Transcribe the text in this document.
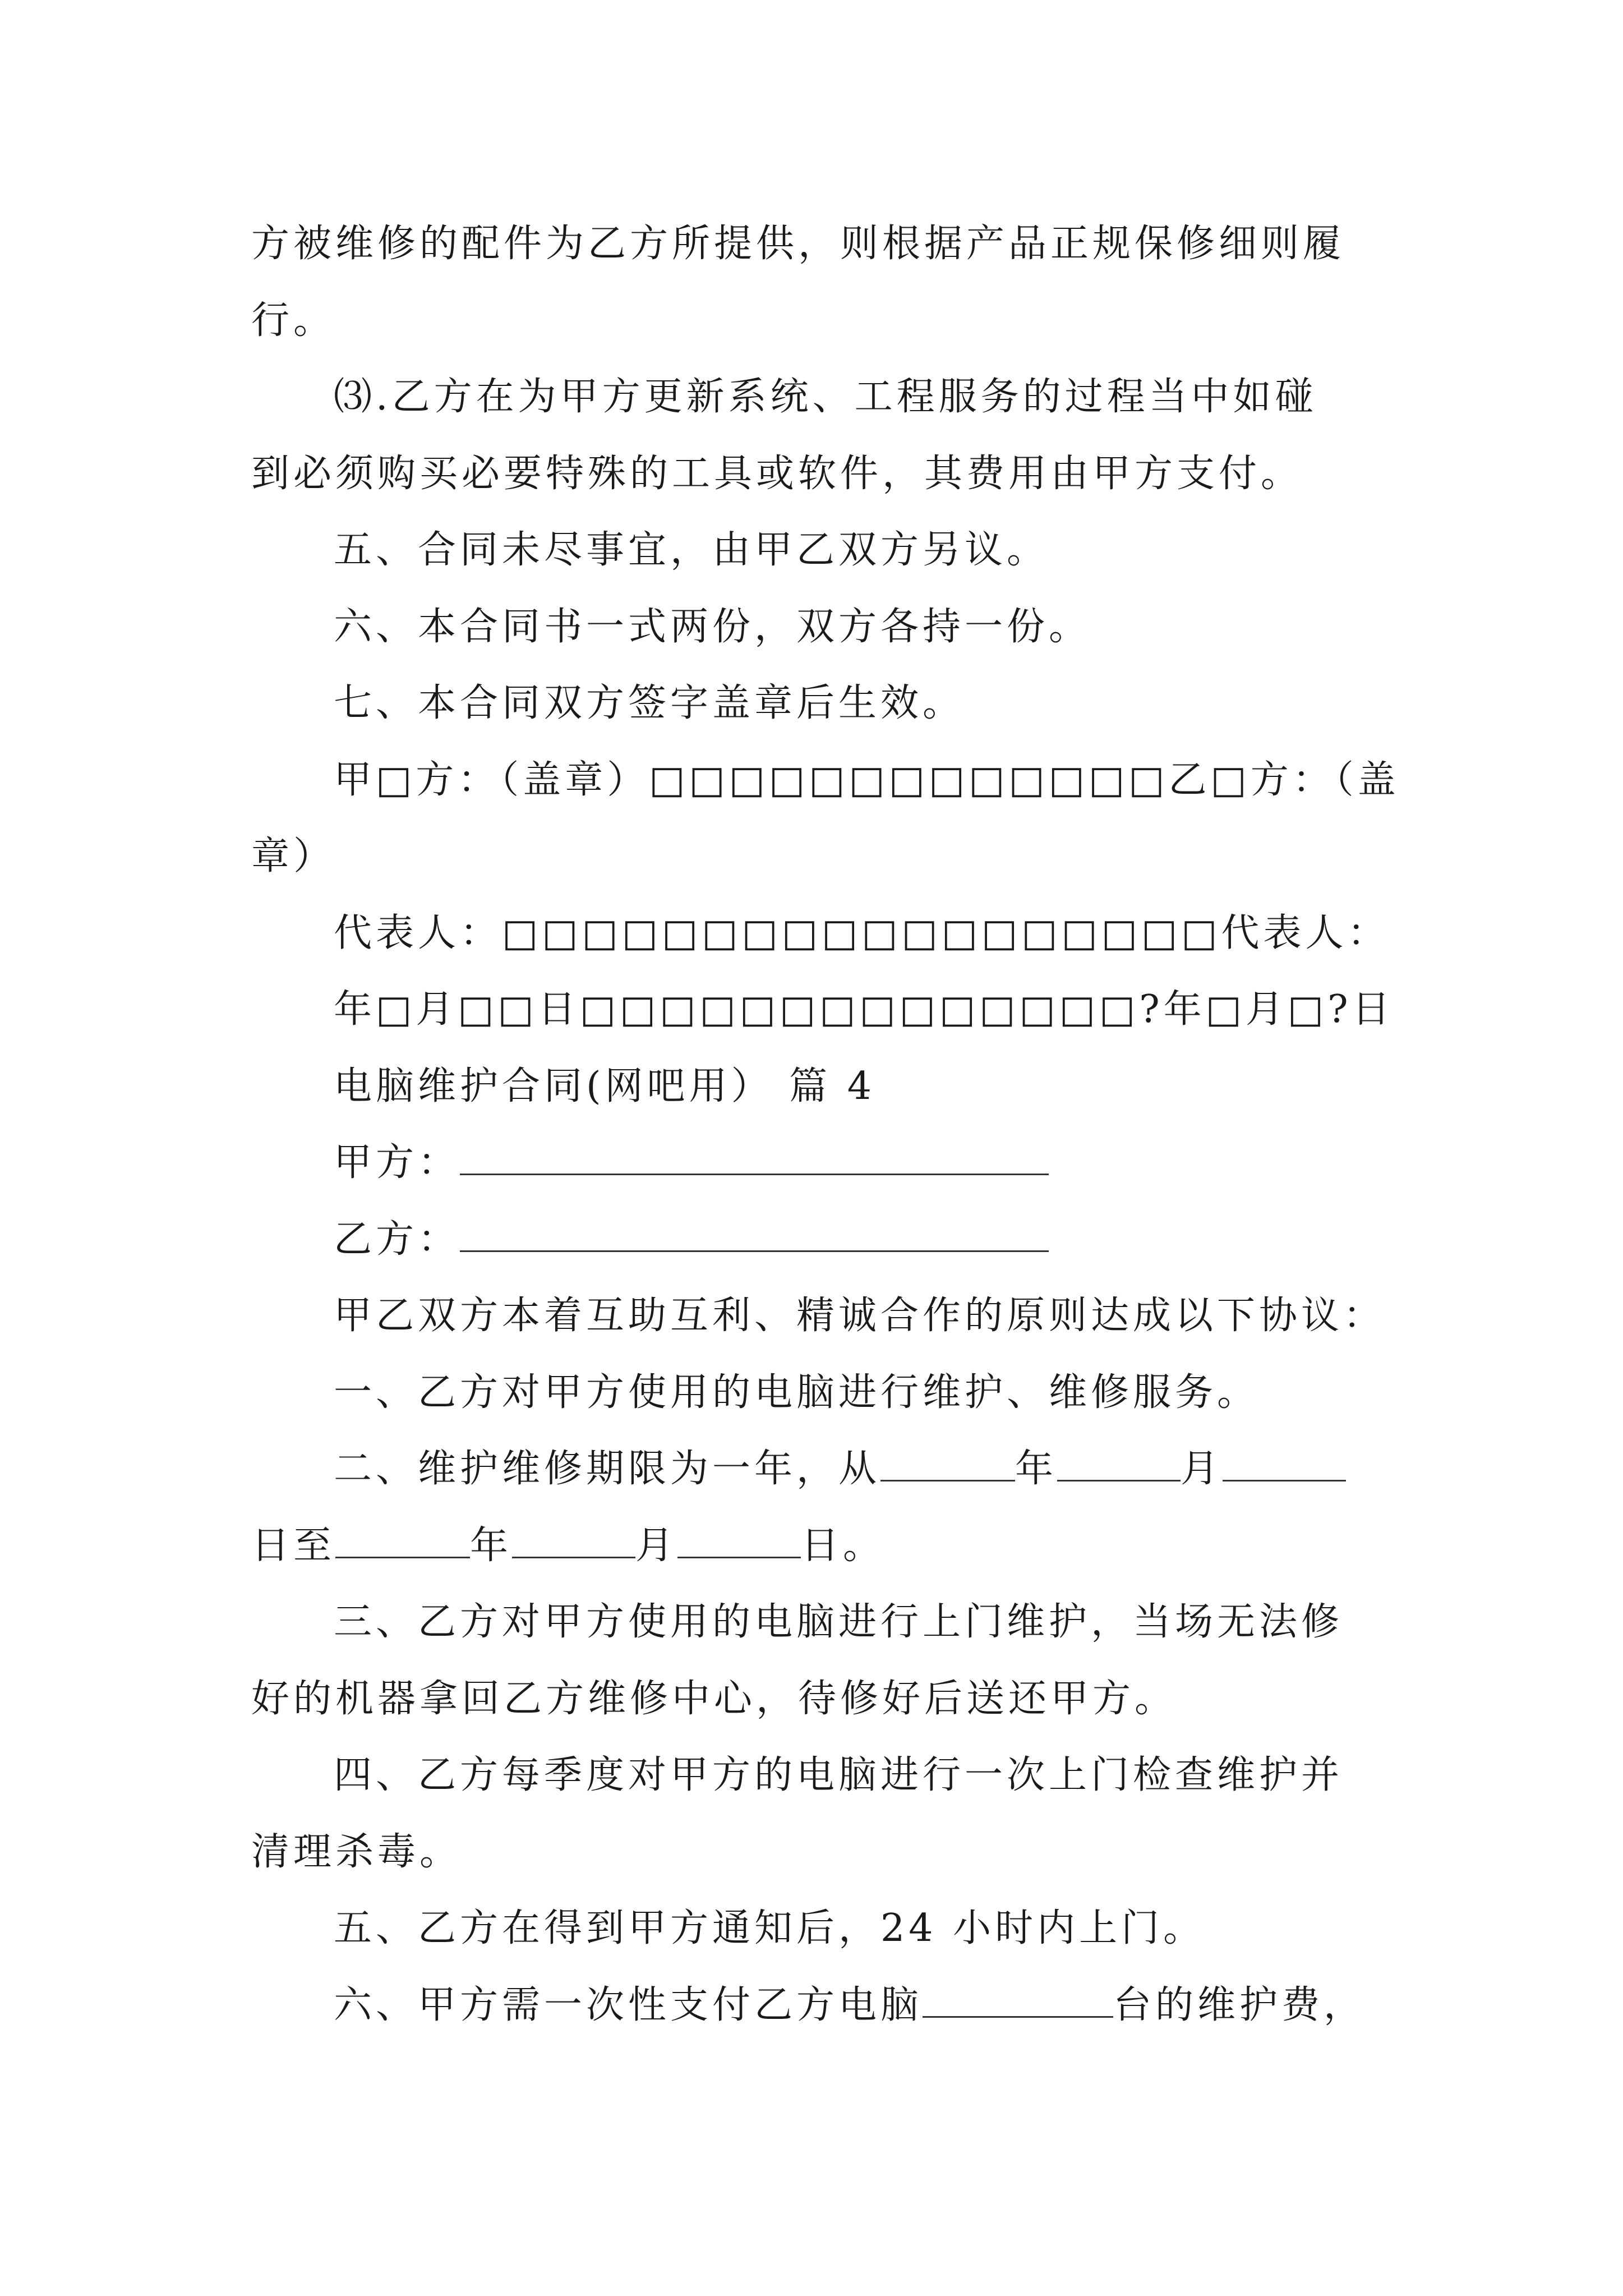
方被维修的配件为乙方所提供，则根据产品正规保修细则履
行。
⑶.乙方在为甲方更新系统、工程服务的过程当中如碰
到必须购买必要特殊的工具或软件，其费用由甲方支付。
五、合同未尽事宜，由甲乙双方另议。
六、本合同书一式两份，双方各持一份。
七、本合同双方签字盖章后生效。
甲□方：（盖章）□□□□□□□□□□□□□乙□方：（盖
章）
代表人：□□□□□□□□□□□□□□□□□□代表人：
年□月□□日□□□□□□□□□□□□□□?年□月□?日
电脑维护合同(网吧用） 篇 4
甲方：
乙方：
甲乙双方本着互助互利、精诚合作的原则达成以下协议：
一、乙方对甲方使用的电脑进行维护、维修服务。
二、维护维修期限为一年，从	年	月
日至	年	月	日。
三、乙方对甲方使用的电脑进行上门维护，当场无法修
好的机器拿回乙方维修中心，待修好后送还甲方。
四、乙方每季度对甲方的电脑进行一次上门检查维护并
清理杀毒。
五、乙方在得到甲方通知后，24 小时内上门。
六、甲方需一次性支付乙方电脑	台的维护费，
